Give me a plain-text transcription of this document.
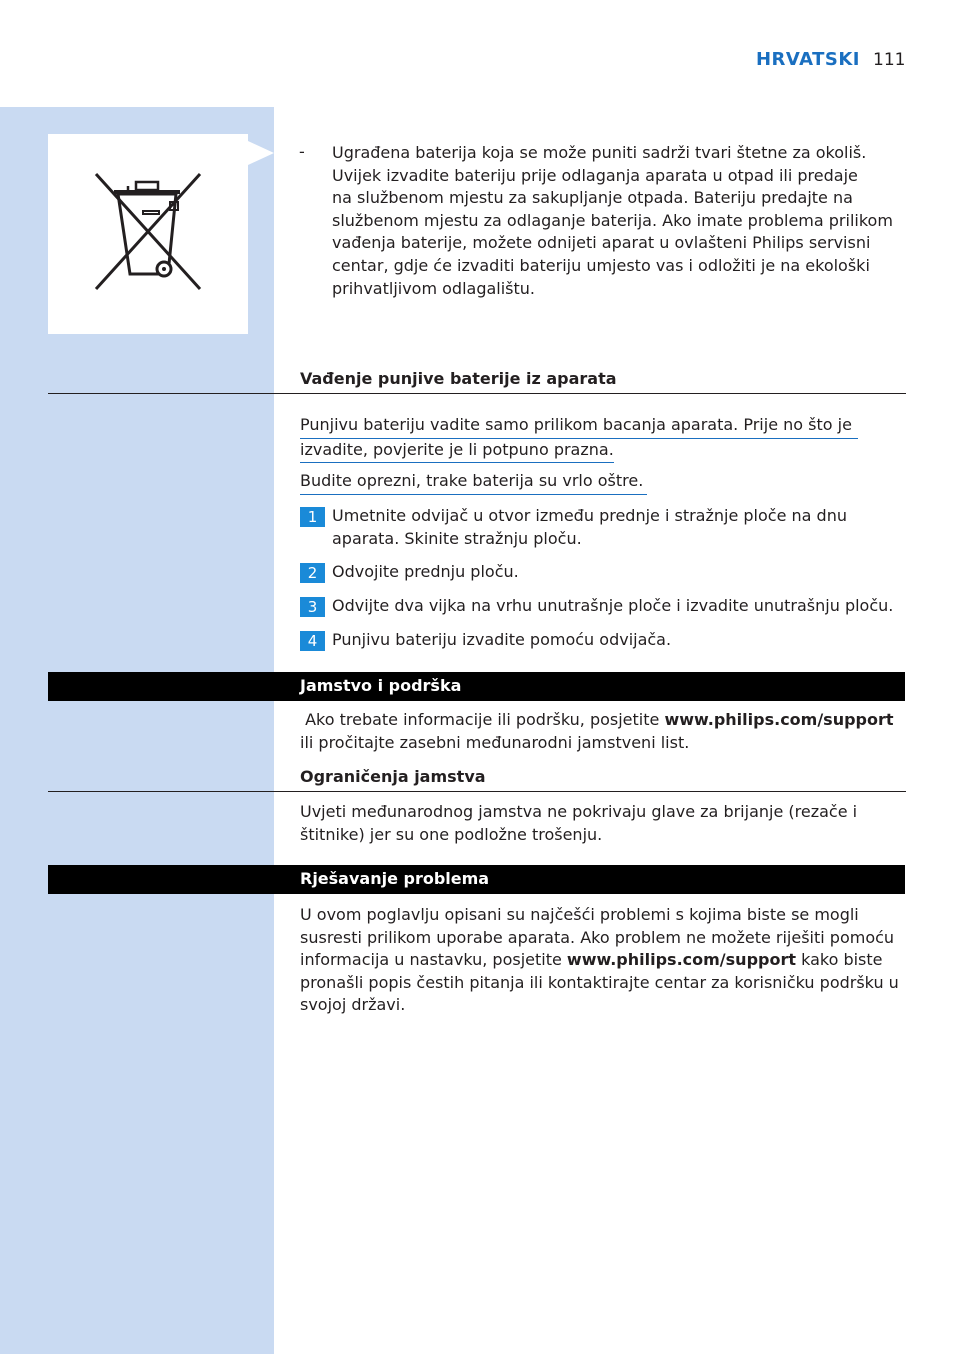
HRVATSKI 111
- Ugrađena baterija koja se može puniti sadrži tvari štetne za okoliš.
Uvijek izvadite bateriju prije odlaganja aparata u otpad ili predaje
na službenom mjestu za sakupljanje otpada. Bateriju predajte na
službenom mjestu za odlaganje baterija. Ako imate problema prilikom
vađenja baterije, možete odnijeti aparat u ovlašteni Philips servisni
centar, gdje će izvaditi bateriju umjesto vas i odložiti je na ekološki
prihvatljivom odlagalištu.
Vađenje punjive baterije iz aparata
Punjivu bateriju vadite samo prilikom bacanja aparata. Prije no što je
izvadite, povjerite je li potpuno prazna.
Budite oprezni, trake baterija su vrlo oštre.
1 Umetnite odvijač u otvor između prednje i stražnje ploče na dnu
aparata. Skinite stražnju ploču.
2 Odvojite prednju ploču.
3 Odvijte dva vijka na vrhu unutrašnje ploče i izvadite unutrašnju ploču.
4 Punjivu bateriju izvadite pomoću odvijača.
Jamstvo i podrška
Ako trebate informacije ili podršku, posjetite www.philips.com/support
ili pročitajte zasebni međunarodni jamstveni list.
Ograničenja jamstva
Uvjeti međunarodnog jamstva ne pokrivaju glave za brijanje (rezače i
štitnike) jer su one podložne trošenju.
Rješavanje problema
U ovom poglavlju opisani su najčešći problemi s kojima biste se mogli
susresti prilikom uporabe aparata. Ako problem ne možete riješiti pomoću
informacija u nastavku, posjetite www.philips.com/support kako biste
pronašli popis čestih pitanja ili kontaktirajte centar za korisničku podršku u
svojoj državi.
